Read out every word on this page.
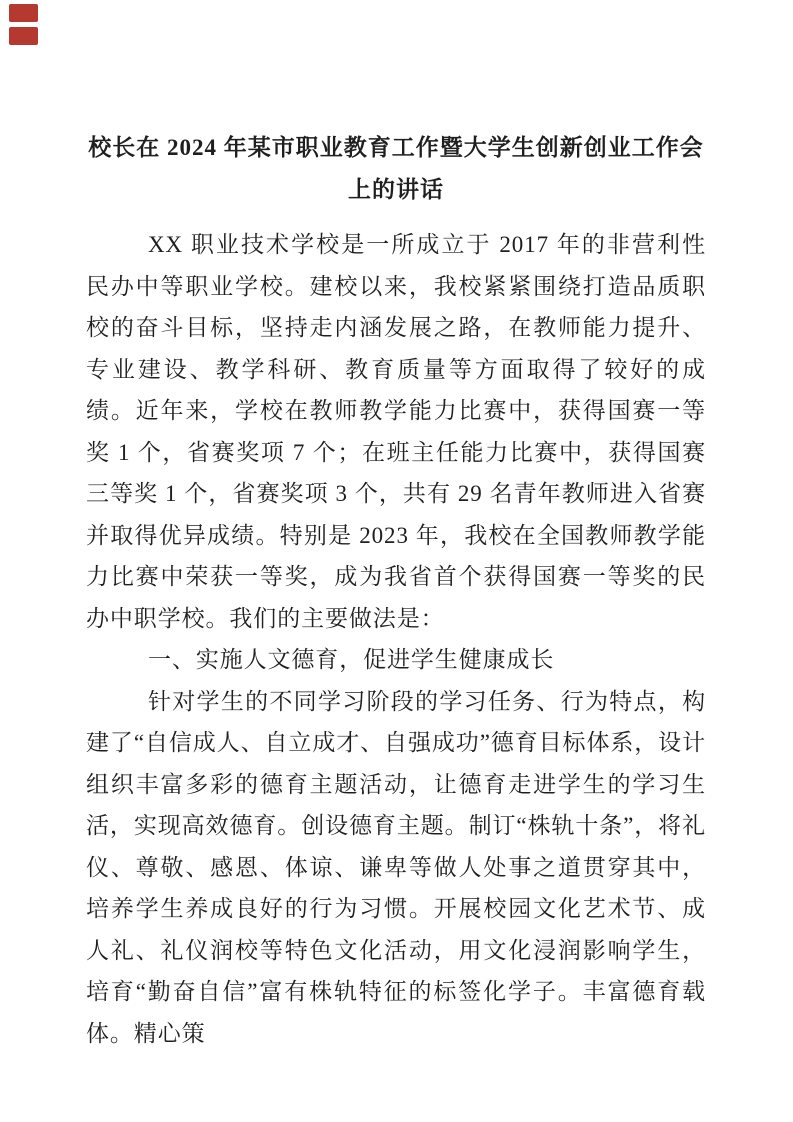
校长在 2024 年某市职业教育工作暨大学生创新创业工作会
上的讲话

XX 职业技术学校是一所成立于 2017 年的非营利性民办中等职业学校。建校以来，我校紧紧围绕打造品质职校的奋斗目标，坚持走内涵发展之路，在教师能力提升、专业建设、教学科研、教育质量等方面取得了较好的成绩。近年来，学校在教师教学能力比赛中，获得国赛一等奖 1 个，省赛奖项 7 个；在班主任能力比赛中，获得国赛三等奖 1 个，省赛奖项 3 个，共有 29 名青年教师进入省赛并取得优异成绩。特别是 2023 年，我校在全国教师教学能力比赛中荣获一等奖，成为我省首个获得国赛一等奖的民办中职学校。我们的主要做法是：

一、实施人文德育，促进学生健康成长

针对学生的不同学习阶段的学习任务、行为特点，构建了“自信成人、自立成才、自强成功”德育目标体系，设计组织丰富多彩的德育主题活动，让德育走进学生的学习生活，实现高效德育。创设德育主题。制订“株轨十条”，将礼仪、尊敬、感恩、体谅、谦卑等做人处事之道贯穿其中，培养学生养成良好的行为习惯。开展校园文化艺术节、成人礼、礼仪润校等特色文化活动，用文化浸润影响学生，培育“勤奋自信”富有株轨特征的标签化学子。丰富德育载体。精心策
